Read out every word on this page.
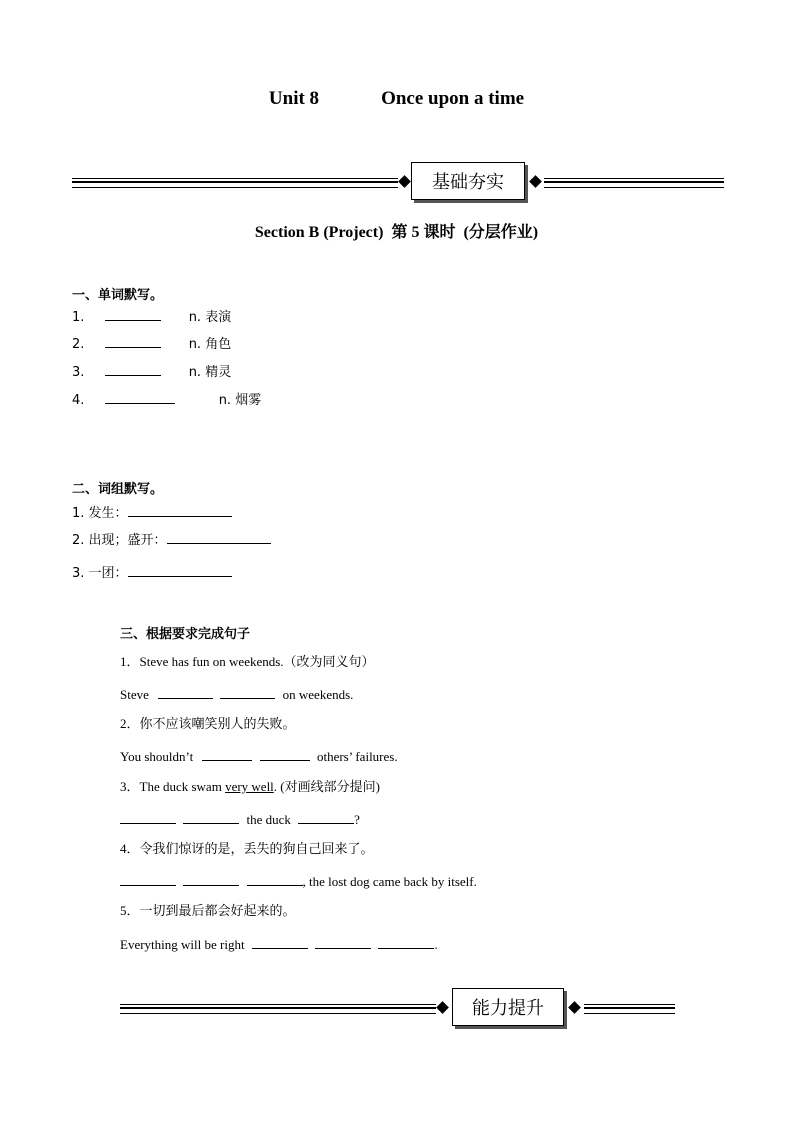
Unit 8	Once upon a time
基础夯实
Section B (Project)  第 5 课时  (分层作业)
一、单词默写。
1.	n. 表演
2.	n. 角色
3.	n. 精灵
4.	n. 烟雾
二、词组默写。
1. 发生：
2. 出现；盛开：
3. 一团：
三、根据要求完成句子
1．Steve has fun on weekends.（改为同义句）
Steve	on weekends.
2．你不应该嘲笑别人的失败。
You shouldn’t	others’ failures.
3．The duck swam very well. (对画线部分提问)
the duck	?
4．令我们惊讶的是，丢失的狗自己回来了。
, the lost dog came back by itself.
5．一切到最后都会好起来的。
Everything will be right	.
能力提升
